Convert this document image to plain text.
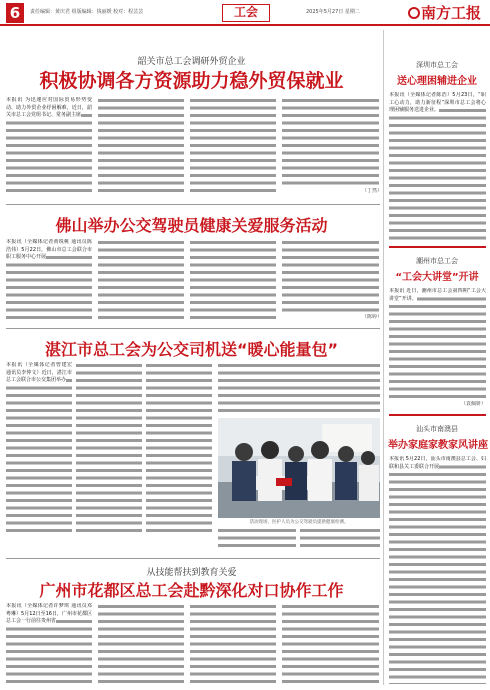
6	责任编辑：黄庆君 组版编辑：钱丽媛 校对：程芸芸	工会	2025年5月27日 星期二	南方工报
韶关市总工会调研外贸企业
积极协调各方资源助力稳外贸保就业
本报讯 为迅速应对国际贸易形势变动、助力外贸企业纾困解难，近日，韶关市总工会党组书记、常务副主席
（丁然）
佛山举办公交驾驶员健康关爱服务活动
本报讯（全媒体记者黄锐桃 通讯员陈浩伟）5月22日，佛山市总工会联合市职工服务中心开展
（陈婷）
湛江市总工会为公交司机送“暖心能量包”
本报讯（全媒体记者曾建宏 通讯员李仲文）近日，湛江市总工会联合市公交集团举办
活动现场，医护人员为公交驾驶员提供健康检测。
从技能帮扶到教育关爱
广州市花都区总工会赴黔深化对口协作工作
本报讯（全媒体记者许梦琪 通讯员邓粤琳）5月12日至16日，广州市花都区总工会一行前往贵州省
深圳市总工会
送心理困辅进企业
本报讯（全媒体记者陈浩）5月23日，“职工心动力，助力新征程”深圳市总工会将心理困辅服务送进企业。
潮州市总工会
“工会大讲堂”开讲
本报讯 近日，潮州市总工会第四期“工会大讲堂”开讲。
（袁佩妍）
汕头市南澳县
举办家庭家教家风讲座
本报讯 5月22日，汕头市南澳县总工会、妇联和县关工委联合开展
